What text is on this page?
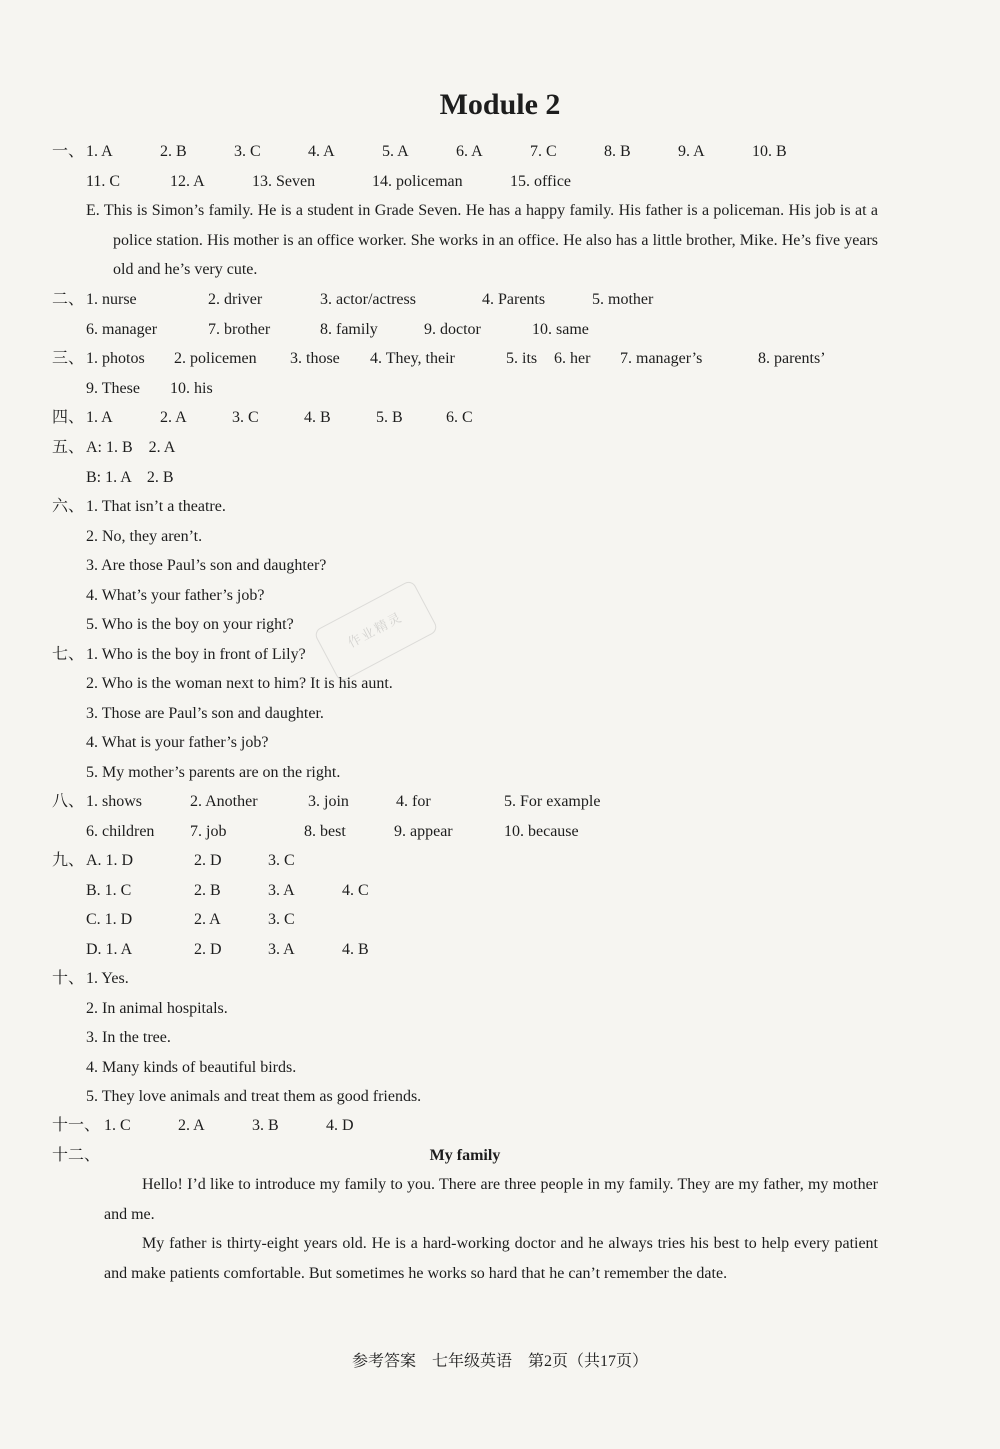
Module 2
一、 1. A	2. B	3. C	4. A	5. A	6. A	7. C	8. B	9. A	10. B
11. C	12. A	13. Seven	14. policeman	15. office
E. This is Simon’s family. He is a student in Grade Seven. He has a happy family. His father is a policeman. His job is at a police station. His mother is an office worker. She works in an office. He also has a little brother, Mike. He’s five years old and he’s very cute.
二、 1. nurse	2. driver	3. actor/actress	4. Parents	5. mother
6. manager	7. brother	8. family	9. doctor	10. same
三、 1. photos 2. policemen 3. those 4. They, their	5. its 6. her 7. manager’s	8. parents’
9. These 10. his
四、 1. A	2. A	3. C	4. B	5. B	6. C
五、 A: 1. B    2. A
B: 1. A    2. B
六、 1. That isn’t a theatre.
2. No, they aren’t.
3. Are those Paul’s son and daughter?
4. What’s your father’s job?
5. Who is the boy on your right?
七、 1. Who is the boy in front of Lily?
2. Who is the woman next to him? It is his aunt.
3. Those are Paul’s son and daughter.
4. What is your father’s job?
5. My mother’s parents are on the right.
八、 1. shows	2. Another	3. join	4. for	5. For example
6. children 7. job	8. best	9. appear	10. because
九、 A. 1. D	2. D	3. C
B. 1. C	2. B	3. A	4. C
C. 1. D	2. A	3. C
D. 1. A	2. D	3. A	4. B
十、 1. Yes.
2. In animal hospitals.
3. In the tree.
4. Many kinds of beautiful birds.
5. They love animals and treat them as good friends.
十一、 1. C	2. A	3. B	4. D
十二、	My family
Hello! I’d like to introduce my family to you. There are three people in my family. They are my father, my mother and me.
My father is thirty-eight years old. He is a hard-working doctor and he always tries his best to help every patient and make patients comfortable. But sometimes he works so hard that he can’t remember the date.
作业精灵
参考答案　七年级英语　第2页（共17页）
